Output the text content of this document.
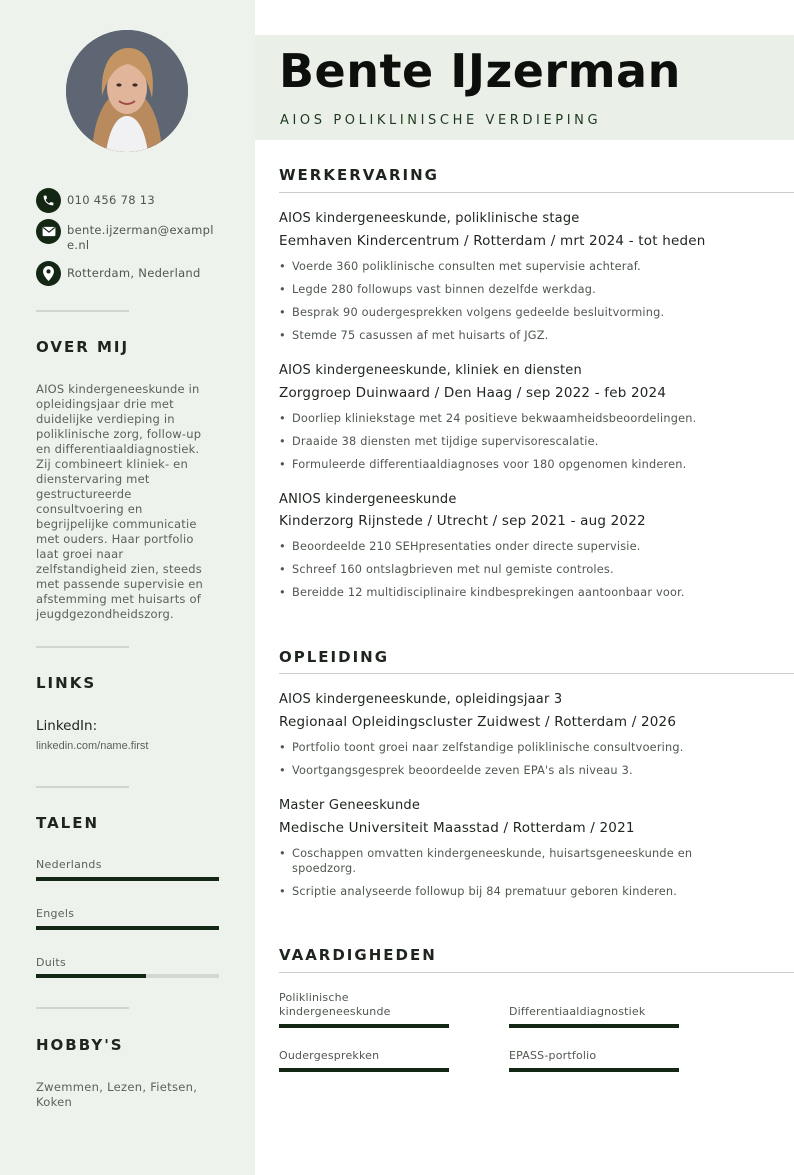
010 456 78 13
bente.ijzerman@example.nl
Rotterdam, Nederland
OVER MIJ
AIOS kindergeneeskunde in opleidingsjaar drie met duidelijke verdieping in poliklinische zorg, follow-up en differentiaaldiagnostiek. Zij combineert kliniek- en dienstervaring met gestructureerde consultvoering en begrijpelijke communicatie met ouders. Haar portfolio laat groei naar zelfstandigheid zien, steeds met passende supervisie en afstemming met huisarts of jeugdgezondheidszorg.
LINKS
LinkedIn:
linkedin.com/name.first
TALEN
Nederlands
Engels
Duits
HOBBY'S
Zwemmen, Lezen, Fietsen, Koken
Bente IJzerman
AIOS POLIKLINISCHE VERDIEPING
WERKERVARING
AIOS kindergeneeskunde, poliklinische stage
Eemhaven Kindercentrum / Rotterdam / mrt 2024 - tot heden
• Voerde 360 poliklinische consulten met supervisie achteraf.
• Legde 280 followups vast binnen dezelfde werkdag.
• Besprak 90 oudergesprekken volgens gedeelde besluitvorming.
• Stemde 75 casussen af met huisarts of JGZ.
AIOS kindergeneeskunde, kliniek en diensten
Zorggroep Duinwaard / Den Haag / sep 2022 - feb 2024
• Doorliep kliniekstage met 24 positieve bekwaamheidsbeoordelingen.
• Draaide 38 diensten met tijdige supervisorescalatie.
• Formuleerde differentiaaldiagnoses voor 180 opgenomen kinderen.
ANIOS kindergeneeskunde
Kinderzorg Rijnstede / Utrecht / sep 2021 - aug 2022
• Beoordeelde 210 SEHpresentaties onder directe supervisie.
• Schreef 160 ontslagbrieven met nul gemiste controles.
• Bereidde 12 multidisciplinaire kindbesprekingen aantoonbaar voor.
OPLEIDING
AIOS kindergeneeskunde, opleidingsjaar 3
Regionaal Opleidingscluster Zuidwest / Rotterdam / 2026
• Portfolio toont groei naar zelfstandige poliklinische consultvoering.
• Voortgangsgesprek beoordeelde zeven EPA's als niveau 3.
Master Geneeskunde
Medische Universiteit Maasstad / Rotterdam / 2021
• Coschappen omvatten kindergeneeskunde, huisartsgeneeskunde en spoedzorg.
• Scriptie analyseerde followup bij 84 prematuur geboren kinderen.
VAARDIGHEDEN
Poliklinische kindergeneeskunde	Differentiaaldiagnostiek
Oudergesprekken	EPASS-portfolio
